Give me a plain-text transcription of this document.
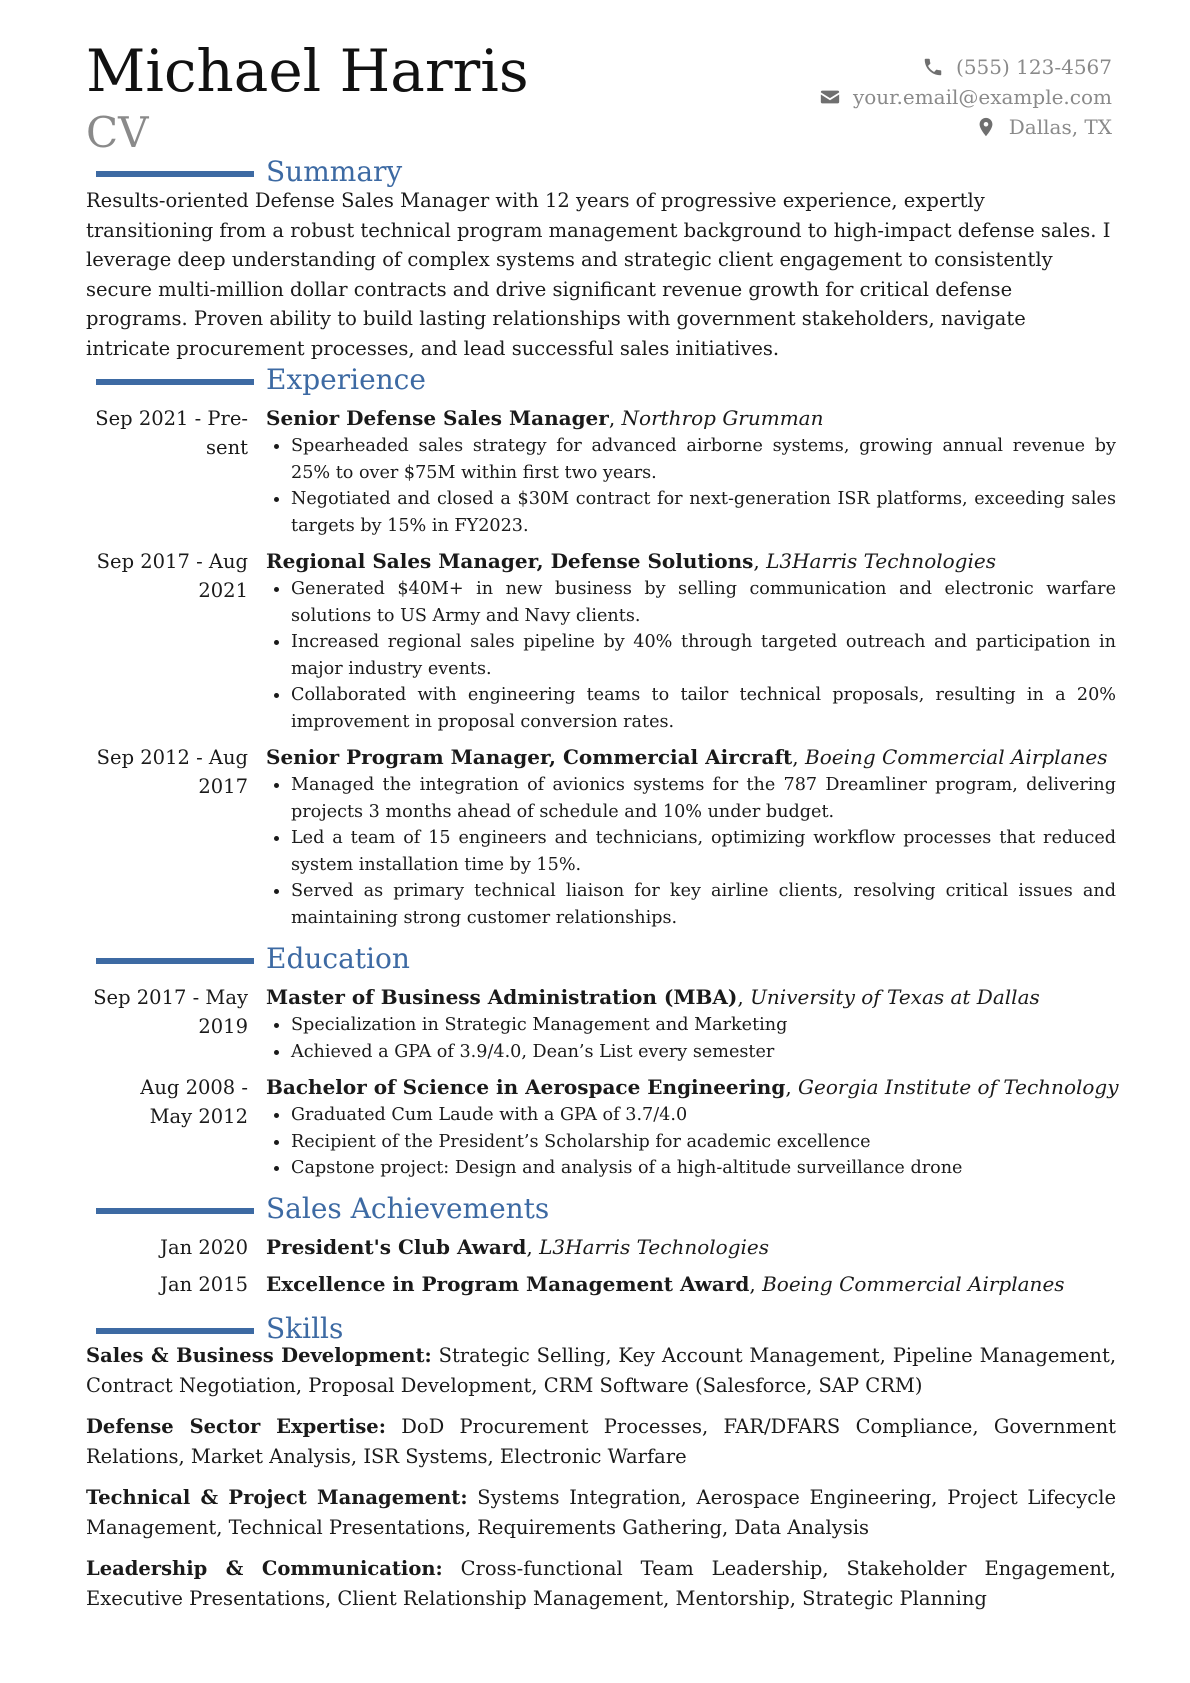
Michael Harris
CV
(555) 123-4567
your.email@example.com
Dallas, TX
Summary

Results-oriented Defense Sales Manager with 12 years of progressive experience, expertly transitioning from a robust technical program management background to high-impact defense sales. I leverage deep understanding of complex systems and strategic client engagement to consistently secure multi-million dollar contracts and drive significant revenue growth for critical defense programs. Proven ability to build lasting relationships with government stakeholders, navigate intricate procurement processes, and lead successful sales initiatives.

Experience
Sep 2021 - Pre-
sent
Senior Defense Sales Manager, Northrop Grumman
Spearheaded sales strategy for advanced airborne systems, growing annual revenue by 25% to over $75M within first two years.
Negotiated and closed a $30M contract for next-generation ISR platforms, exceeding sales targets by 15% in FY2023.
Sep 2017 - Aug
2021
Regional Sales Manager, Defense Solutions, L3Harris Technologies
Generated $40M+ in new business by selling communication and electronic warfare solutions to US Army and Navy clients.
Increased regional sales pipeline by 40% through targeted outreach and participation in major industry events.
Collaborated with engineering teams to tailor technical proposals, resulting in a 20% improvement in proposal conversion rates.
Sep 2012 - Aug
2017
Senior Program Manager, Commercial Aircraft, Boeing Commercial Airplanes
Managed the integration of avionics systems for the 787 Dreamliner program, delivering projects 3 months ahead of schedule and 10% under budget.
Led a team of 15 engineers and technicians, optimizing workflow processes that reduced system installation time by 15%.
Served as primary technical liaison for key airline clients, resolving critical issues and maintaining strong customer relationships.
Education
Sep 2017 - May
2019
Master of Business Administration (MBA), University of Texas at Dallas
Specialization in Strategic Management and Marketing
Achieved a GPA of 3.9/4.0, Dean’s List every semester
Aug 2008 -
May 2012
Bachelor of Science in Aerospace Engineering, Georgia Institute of Technology
Graduated Cum Laude with a GPA of 3.7/4.0
Recipient of the President’s Scholarship for academic excellence
Capstone project: Design and analysis of a high-altitude surveillance drone
Sales Achievements
Jan 2020 President's Club Award, L3Harris Technologies
Jan 2015 Excellence in Program Management Award, Boeing Commercial Airplanes
Skills

Sales & Business Development: Strategic Selling, Key Account Management, Pipeline Management, Contract Negotiation, Proposal Development, CRM Software (Salesforce, SAP CRM)

Defense Sector Expertise: DoD Procurement Processes, FAR/DFARS Compliance, Government Relations, Market Analysis, ISR Systems, Electronic Warfare

Technical & Project Management: Systems Integration, Aerospace Engineering, Project Lifecycle Management, Technical Presentations, Requirements Gathering, Data Analysis

Leadership & Communication: Cross-functional Team Leadership, Stakeholder Engagement, Executive Presentations, Client Relationship Management, Mentorship, Strategic Planning
